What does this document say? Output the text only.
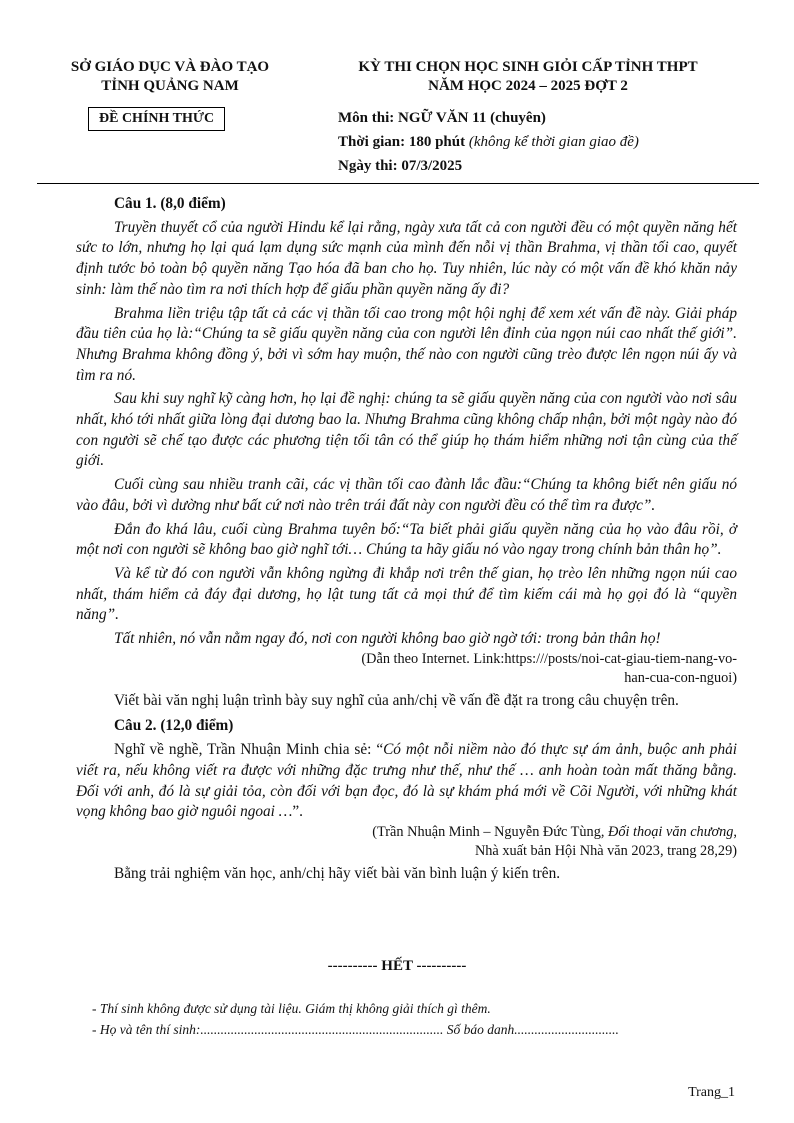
SỞ GIÁO DỤC VÀ ĐÀO TẠO
TỈNH QUẢNG NAM
ĐỀ CHÍNH THỨC
KỲ THI CHỌN HỌC SINH GIỎI CẤP TỈNH THPT
NĂM HỌC 2024 – 2025 ĐỢT 2
Môn thi: NGỮ VĂN 11 (chuyên)
Thời gian: 180 phút (không kể thời gian giao đề)
Ngày thi: 07/3/2025
Câu 1. (8,0 điểm)

Truyền thuyết cổ của người Hindu kể lại rằng, ngày xưa tất cả con người đều có một quyền năng hết sức to lớn, nhưng họ lại quá lạm dụng sức mạnh của mình đến nỗi vị thần Brahma, vị thần tối cao, quyết định tước bỏ toàn bộ quyền năng Tạo hóa đã ban cho họ. Tuy nhiên, lúc này có một vấn đề khó khăn nảy sinh: làm thế nào tìm ra nơi thích hợp để giấu phần quyền năng ấy đi?

Brahma liền triệu tập tất cả các vị thần tối cao trong một hội nghị để xem xét vấn đề này. Giải pháp đầu tiên của họ là:“Chúng ta sẽ giấu quyền năng của con người lên đỉnh của ngọn núi cao nhất thế giới”. Nhưng Brahma không đồng ý, bởi vì sớm hay muộn, thế nào con người cũng trèo được lên ngọn núi ấy và tìm ra nó.

Sau khi suy nghĩ kỹ càng hơn, họ lại đề nghị: chúng ta sẽ giấu quyền năng của con người vào nơi sâu nhất, khó tới nhất giữa lòng đại dương bao la. Nhưng Brahma cũng không chấp nhận, bởi một ngày nào đó con người sẽ chế tạo được các phương tiện tối tân có thể giúp họ thám hiểm những nơi tận cùng của thế giới.

Cuối cùng sau nhiều tranh cãi, các vị thần tối cao đành lắc đầu:“Chúng ta không biết nên giấu nó vào đâu, bởi vì dường như bất cứ nơi nào trên trái đất này con người đều có thể tìm ra được”.

Đắn đo khá lâu, cuối cùng Brahma tuyên bố:“Ta biết phải giấu quyền năng của họ vào đâu rồi, ở một nơi con người sẽ không bao giờ nghĩ tới… Chúng ta hãy giấu nó vào ngay trong chính bản thân họ”.

Và kể từ đó con người vẫn không ngừng đi khắp nơi trên thế gian, họ trèo lên những ngọn núi cao nhất, thám hiểm cả đáy đại dương, họ lật tung tất cả mọi thứ để tìm kiếm cái mà họ gọi đó là “quyền năng”.

Tất nhiên, nó vẫn nằm ngay đó, nơi con người không bao giờ ngờ tới: trong bản thân họ!

(Dẫn theo Internet. Link:https:///posts/noi-cat-giau-tiem-nang-vo-
han-cua-con-nguoi)

Viết bài văn nghị luận trình bày suy nghĩ của anh/chị về vấn đề đặt ra trong câu chuyện trên.

Câu 2. (12,0 điểm)

Nghĩ về nghề, Trần Nhuận Minh chia sẻ: “Có một nỗi niềm nào đó thực sự ám ảnh, buộc anh phải viết ra, nếu không viết ra được với những đặc trưng như thế, như thế … anh hoàn toàn mất thăng bằng. Đối với anh, đó là sự giải tỏa, còn đối với bạn đọc, đó là sự khám phá mới về Cõi Người, với những khát vọng không bao giờ nguôi ngoai …”.

(Trần Nhuận Minh – Nguyễn Đức Tùng, Đối thoại văn chương,
Nhà xuất bản Hội Nhà văn 2023, trang 28,29)

Bằng trải nghiệm văn học, anh/chị hãy viết bài văn bình luận ý kiến trên.

---------- HẾT ----------
- Thí sinh không được sử dụng tài liệu. Giám thị không giải thích gì thêm.
- Họ và tên thí sinh:........................................................................ Số báo danh...............................
Trang_1
